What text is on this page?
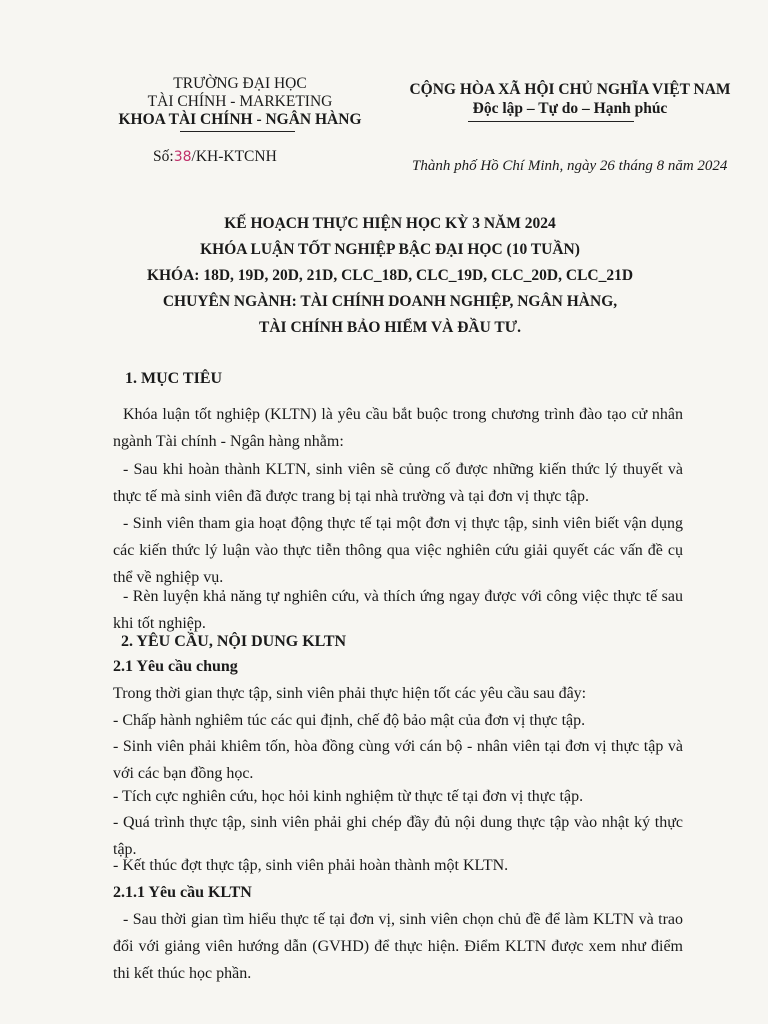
TRƯỜNG ĐẠI HỌC
TÀI CHÍNH - MARKETING
KHOA TÀI CHÍNH - NGÂN HÀNG
Số:38/KH-KTCNH
CỘNG HÒA XÃ HỘI CHỦ NGHĨA VIỆT NAM
Độc lập – Tự do – Hạnh phúc
Thành phố Hồ Chí Minh, ngày 26 tháng 8 năm 2024
KẾ HOẠCH THỰC HIỆN HỌC KỲ 3 NĂM 2024
KHÓA LUẬN TỐT NGHIỆP BẬC ĐẠI HỌC (10 TUẦN)
KHÓA: 18D, 19D, 20D, 21D, CLC_18D, CLC_19D, CLC_20D, CLC_21D
CHUYÊN NGÀNH: TÀI CHÍNH DOANH NGHIỆP, NGÂN HÀNG,
TÀI CHÍNH BẢO HIỂM VÀ ĐẦU TƯ.
1. MỤC TIÊU
Khóa luận tốt nghiệp (KLTN) là yêu cầu bắt buộc trong chương trình đào tạo cử nhân ngành Tài chính - Ngân hàng nhằm:
- Sau khi hoàn thành KLTN, sinh viên sẽ củng cố được những kiến thức lý thuyết và thực tế mà sinh viên đã được trang bị tại nhà trường và tại đơn vị thực tập.
- Sinh viên tham gia hoạt động thực tế tại một đơn vị thực tập, sinh viên biết vận dụng các kiến thức lý luận vào thực tiễn thông qua việc nghiên cứu giải quyết các vấn đề cụ thể về nghiệp vụ.
- Rèn luyện khả năng tự nghiên cứu, và thích ứng ngay được với công việc thực tế sau khi tốt nghiệp.
2. YÊU CẦU, NỘI DUNG KLTN
2.1 Yêu cầu chung
Trong thời gian thực tập, sinh viên phải thực hiện tốt các yêu cầu sau đây:
- Chấp hành nghiêm túc các qui định, chế độ bảo mật của đơn vị thực tập.
- Sinh viên phải khiêm tốn, hòa đồng cùng với cán bộ - nhân viên tại đơn vị thực tập và với các bạn đồng học.
- Tích cực nghiên cứu, học hỏi kinh nghiệm từ thực tế tại đơn vị thực tập.
- Quá trình thực tập, sinh viên phải ghi chép đầy đủ nội dung thực tập vào nhật ký thực tập.
- Kết thúc đợt thực tập, sinh viên phải hoàn thành một KLTN.
2.1.1 Yêu cầu KLTN
- Sau thời gian tìm hiểu thực tế tại đơn vị, sinh viên chọn chủ đề để làm KLTN và trao đổi với giảng viên hướng dẫn (GVHD) để thực hiện. Điểm KLTN được xem như điểm thi kết thúc học phần.
